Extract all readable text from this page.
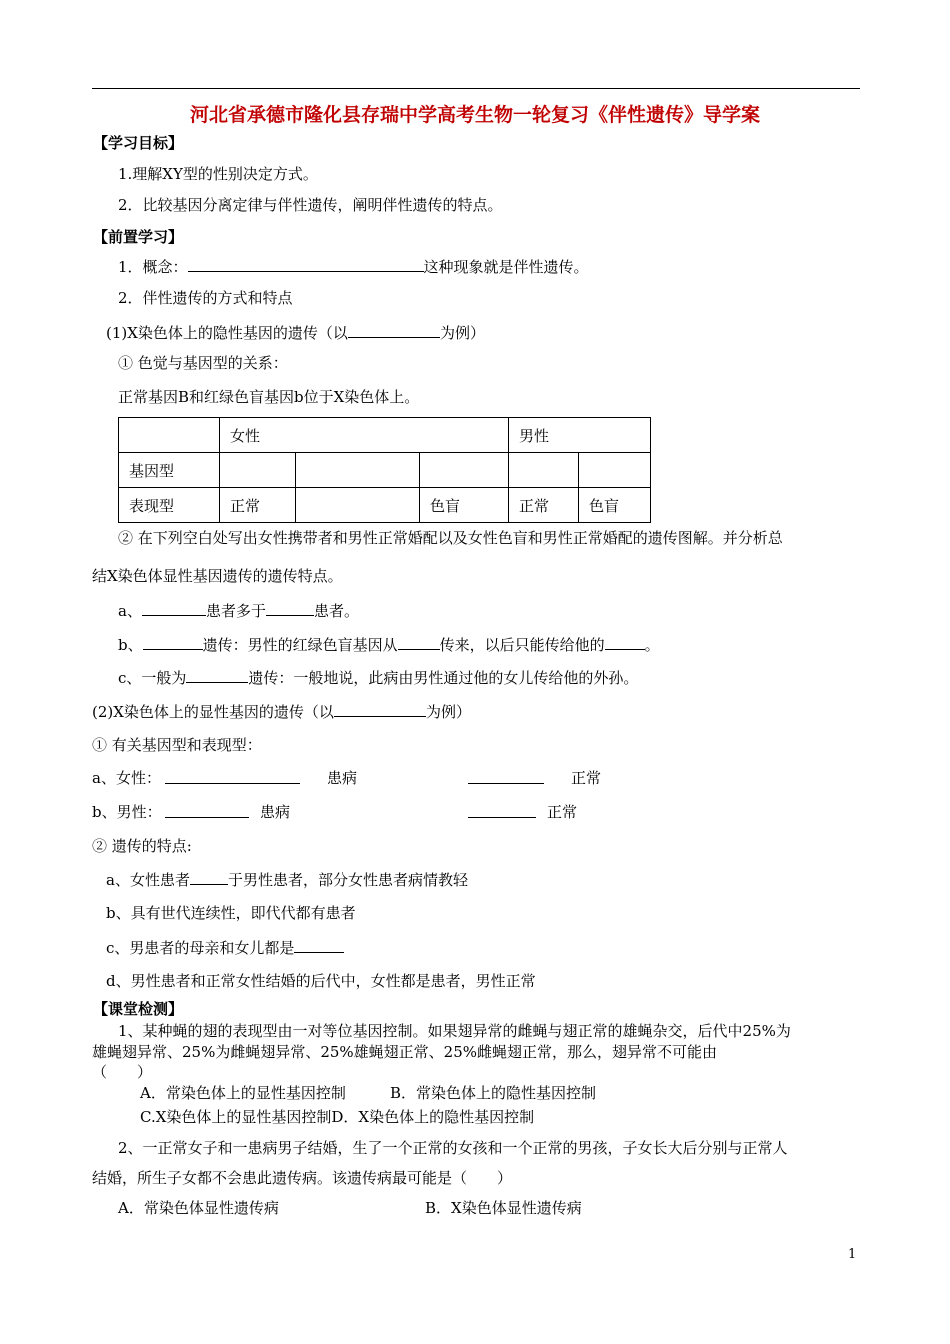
河北省承德市隆化县存瑞中学高考生物一轮复习《伴性遗传》导学案
【学习目标】
1.理解XY型的性别决定方式。
2．比较基因分离定律与伴性遗传，阐明伴性遗传的特点。
【前置学习】
1．概念：	这种现象就是伴性遗传。
2．伴性遗传的方式和特点
(1)X染色体上的隐性基因的遗传（以	为例）
① 色觉与基因型的关系：
正常基因B和红绿色盲基因b位于X染色体上。
	女性			男性	
基因型					
表现型	正常		色盲	正常	色盲
② 在下列空白处写出女性携带者和男性正常婚配以及女性色盲和男性正常婚配的遗传图解。并分析总
结X染色体显性基因遗传的遗传特点。
a、	患者多于	患者。
b、	遗传：男性的红绿色盲基因从	传来，以后只能传给他的	。
c、一般为	遗传：一般地说，此病由男性通过他的女儿传给他的外孙。
(2)X染色体上的显性基因的遗传（以	为例）
① 有关基因型和表现型：
a、女性：	患病	正常
b、男性：	患病	正常
② 遗传的特点:
a、女性患者	于男性患者，部分女性患者病情教轻
b、具有世代连续性，即代代都有患者
c、男患者的母亲和女儿都是
d、男性患者和正常女性结婚的后代中，女性都是患者，男性正常
【课堂检测】
1、某种蝇的翅的表现型由一对等位基因控制。如果翅异常的雌蝇与翅正常的雄蝇杂交，后代中25%为
雄蝇翅异常、25%为雌蝇翅异常、25%雄蝇翅正常、25%雌蝇翅正常，那么，翅异常不可能由
（　　）
A．常染色体上的显性基因控制	B．常染色体上的隐性基因控制
C.X染色体上的显性基因控制D．X染色体上的隐性基因控制
2、一正常女子和一患病男子结婚，生了一个正常的女孩和一个正常的男孩，子女长大后分别与正常人
结婚，所生子女都不会患此遗传病。该遗传病最可能是（　　）
A．常染色体显性遗传病	B．X染色体显性遗传病
1
